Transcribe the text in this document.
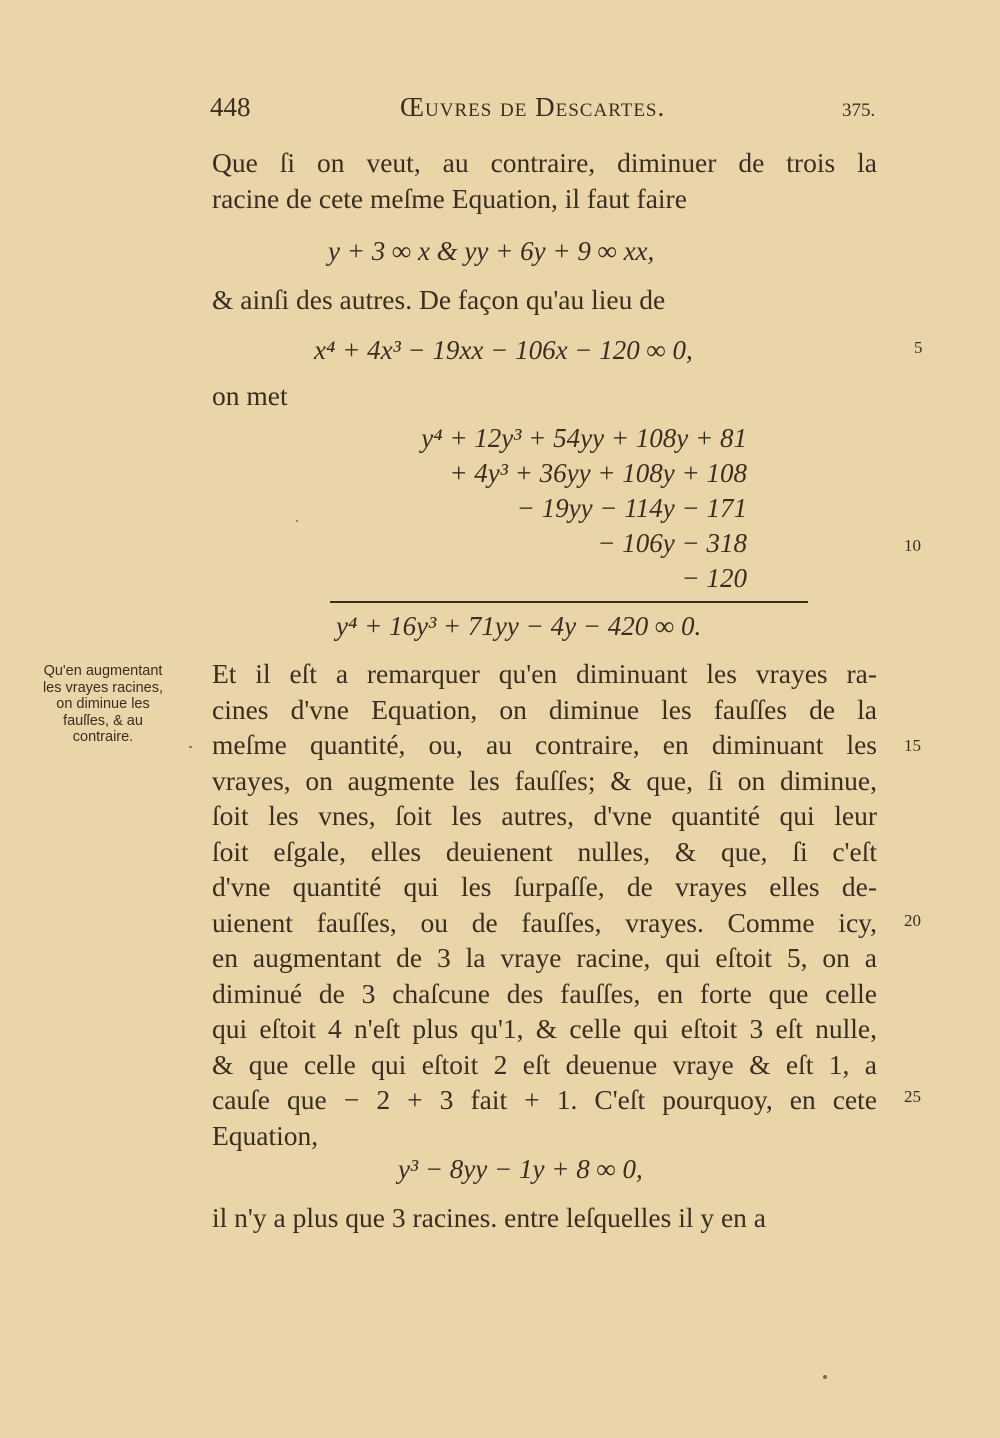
448	Œuvres de Descartes.	375.
Que ſi on veut, au contraire, diminuer de trois la
racine de cete meſme Equation, il faut faire
y + 3 ∞ x & yy + 6y + 9 ∞ xx,
& ainſi des autres. De façon qu'au lieu de
x⁴ + 4x³ − 19xx − 106x − 120 ∞ 0,
on met
y⁴ + 12y³ + 54yy + 108y + 81
+ 4y³ + 36yy + 108y + 108
− 19yy − 114y − 171
− 106y − 318
− 120
y⁴ + 16y³ + 71yy − 4y − 420 ∞ 0.
Qu'en augmentant
les vrayes racines,
on diminue les
fauſſes, & au
contraire.
Et il eſt a remarquer qu'en diminuant les vrayes ra-
cines d'vne Equation, on diminue les fauſſes de la
meſme quantité, ou, au contraire, en diminuant les
vrayes, on augmente les fauſſes; & que, ſi on diminue,
ſoit les vnes, ſoit les autres, d'vne quantité qui leur
ſoit eſgale, elles deuienent nulles, & que, ſi c'eſt
d'vne quantité qui les ſurpaſſe, de vrayes elles de-
uienent fauſſes, ou de fauſſes, vrayes. Comme icy,
en augmentant de 3 la vraye racine, qui eſtoit 5, on a
diminué de 3 chaſcune des fauſſes, en forte que celle
qui eſtoit 4 n'eſt plus qu'1, & celle qui eſtoit 3 eſt nulle,
& que celle qui eſtoit 2 eſt deuenue vraye & eſt 1, a
cauſe que − 2 + 3 fait + 1. C'eſt pourquoy, en cete
Equation,
y³ − 8yy − 1y + 8 ∞ 0,
il n'y a plus que 3 racines. entre leſquelles il y en a
5
10
15
20
25
